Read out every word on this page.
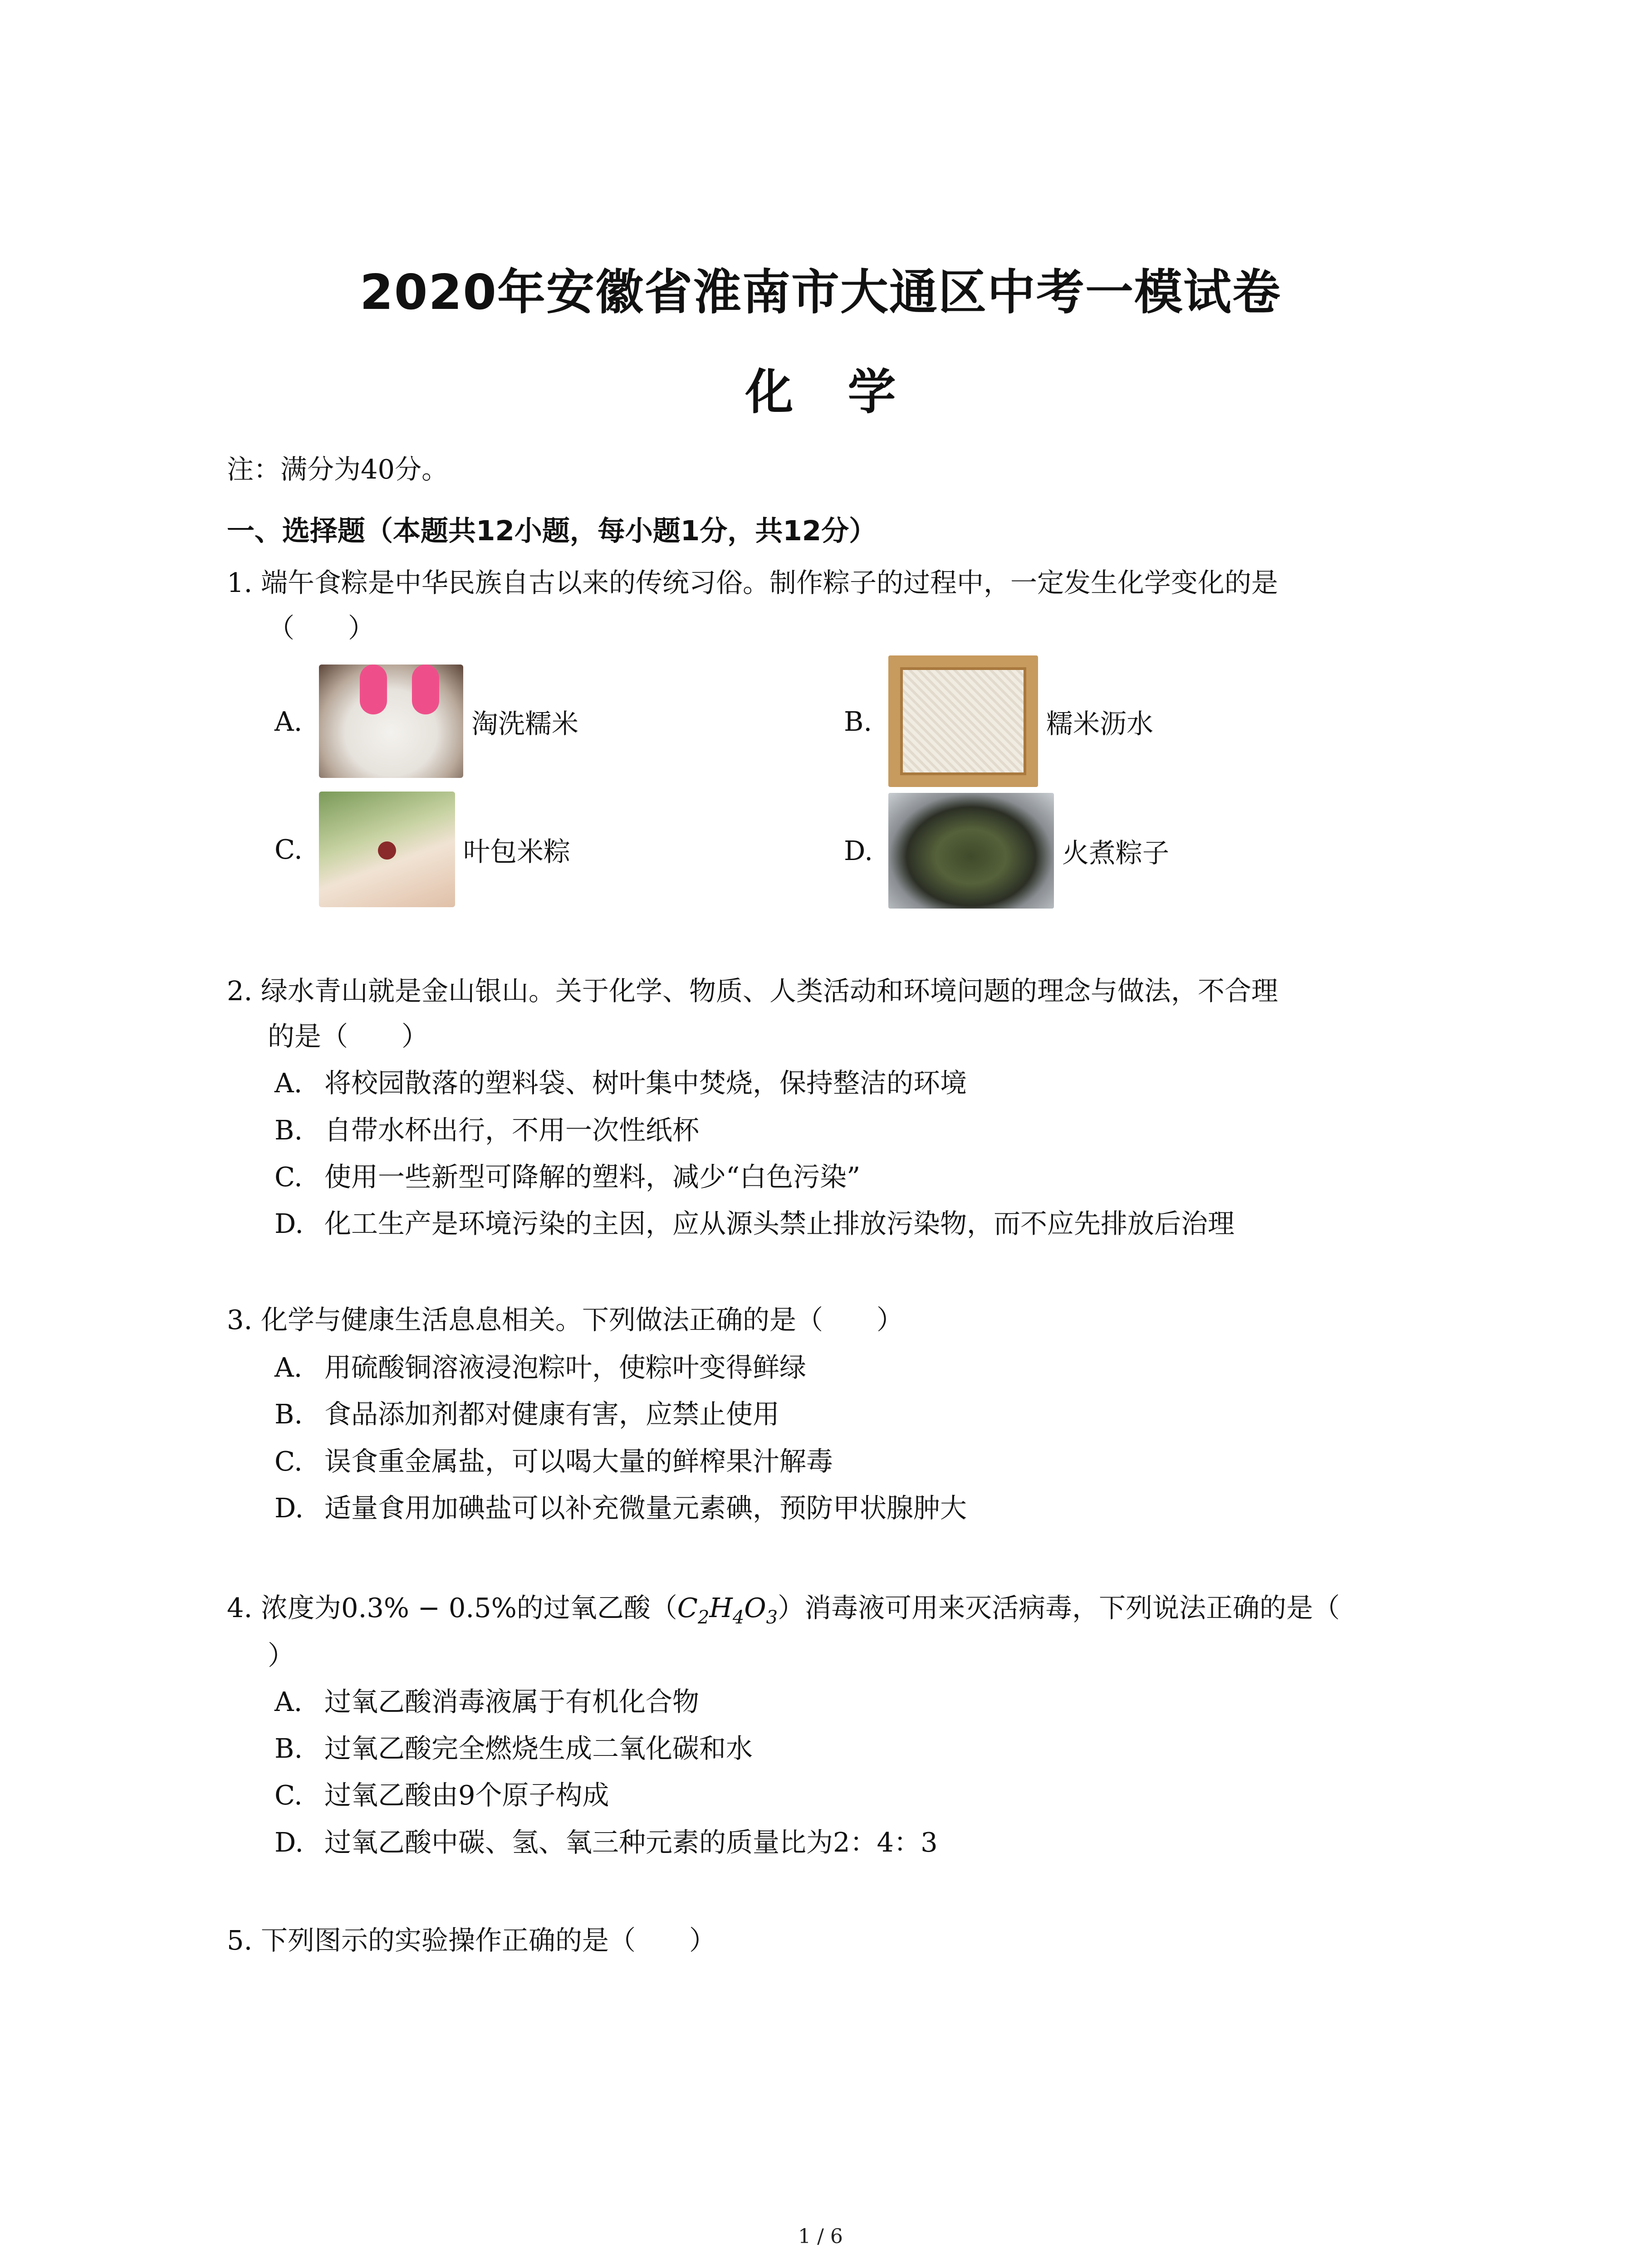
2020年安徽省淮南市大通区中考一模试卷
化学
注：满分为40分。
一、选择题（本题共12小题，每小题1分，共12分）
1. 端午食粽是中华民族自古以来的传统习俗。制作粽子的过程中，一定发生化学变化的是
（　　）
A.	淘洗糯米	B.	糯米沥水
C.	叶包米粽	D.	火煮粽子
2. 绿水青山就是金山银山。关于化学、物质、人类活动和环境问题的理念与做法，不合理
的是（　　）
A. 将校园散落的塑料袋、树叶集中焚烧，保持整洁的环境
B. 自带水杯出行，不用一次性纸杯
C. 使用一些新型可降解的塑料，减少“白色污染”
D. 化工生产是环境污染的主因，应从源头禁止排放污染物，而不应先排放后治理
3. 化学与健康生活息息相关。下列做法正确的是（　　）
A. 用硫酸铜溶液浸泡粽叶，使粽叶变得鲜绿
B. 食品添加剂都对健康有害，应禁止使用
C. 误食重金属盐，可以喝大量的鲜榨果汁解毒
D. 适量食用加碘盐可以补充微量元素碘，预防甲状腺肿大
4. 浓度为0.3% − 0.5%的过氧乙酸$(C_2H_4O_3)$消毒液可用来灭活病毒，下列说法正确的是（
）
A. 过氧乙酸消毒液属于有机化合物
B. 过氧乙酸完全燃烧生成二氧化碳和水
C. 过氧乙酸由9个原子构成
D. 过氧乙酸中碳、氢、氧三种元素的质量比为2：4：3
5. 下列图示的实验操作正确的是（　　）
1 / 6
